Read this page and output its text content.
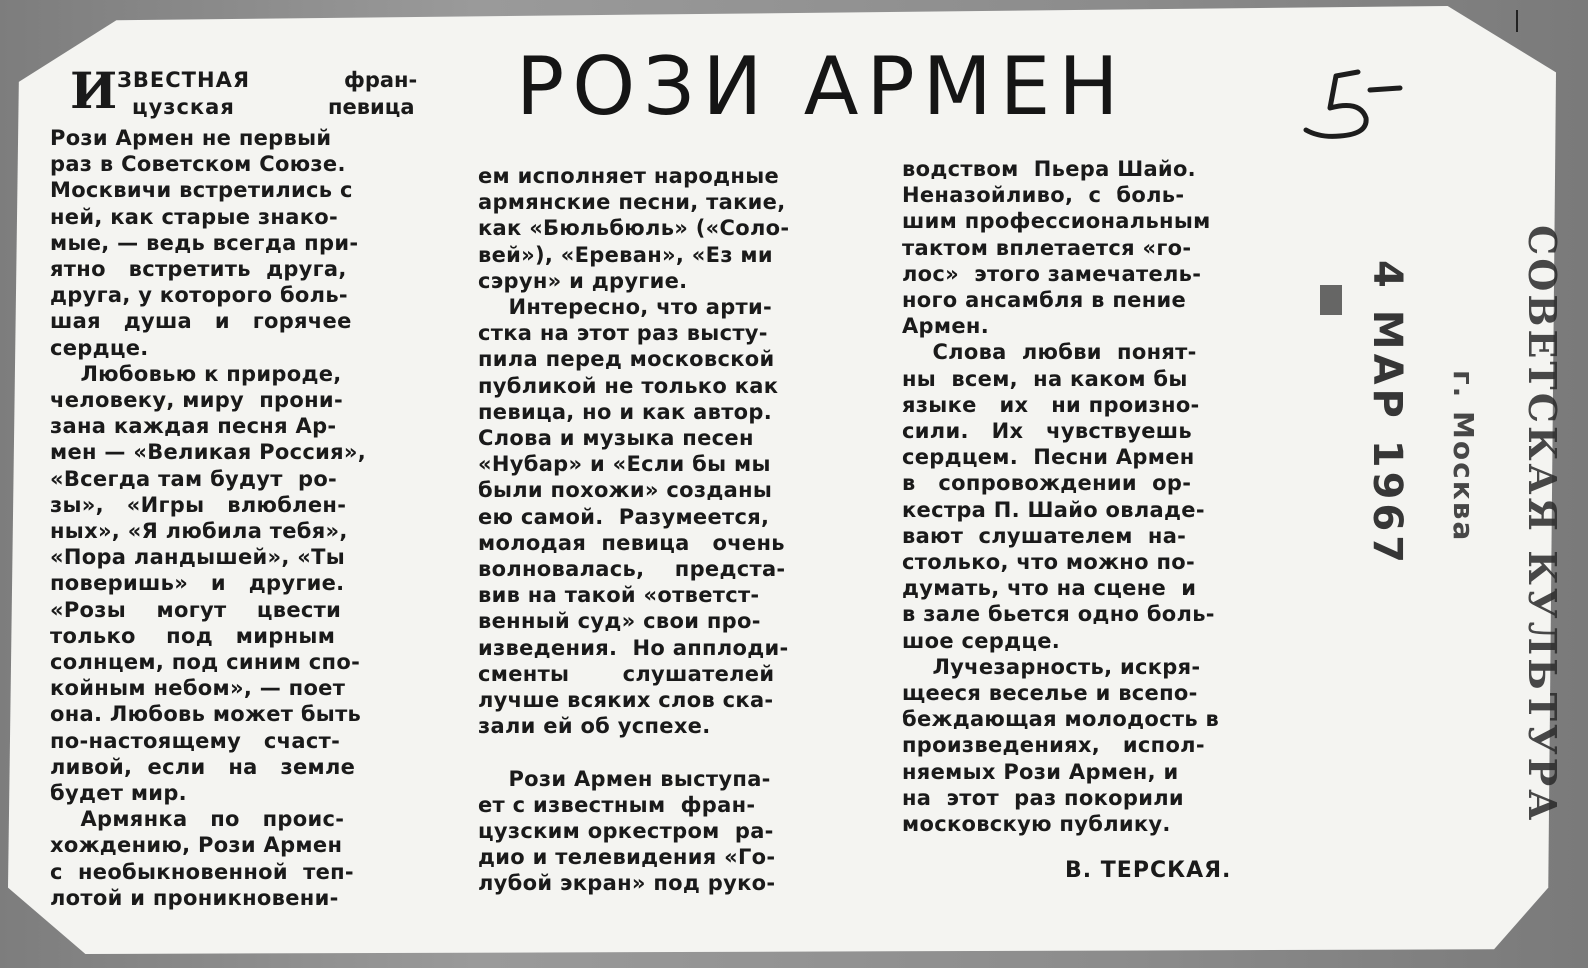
РОЗИ АРМЕН
И ЗВЕСТНАЯ	фран-
цузская	певица
Рози Армен не первый
раз в Советском Союзе.
Москвичи встретились с
ней, как старые знако-
мые, — ведь всегда при-
ятно   встретить  друга,
друга, у которого боль-
шая   душа   и   горячее
сердце.
Любовью к природе,
человеку, миру  прони-
зана каждая песня Ар-
мен — «Великая Россия»,
«Всегда там будут  ро-
зы»,   «Игры   влюблен-
ных», «Я любила тебя»,
«Пора ландышей», «Ты
поверишь»   и   другие.
«Розы    могут    цвести
только    под   мирным
солнцем, под синим спо-
койным небом», — поет
она. Любовь может быть
по-настоящему   счаст-
ливой,  если   на   земле
будет мир.
Армянка   по   проис-
хождению, Рози Армен
с  необыкновенной  теп-
лотой и проникновени-
ем исполняет народные
армянские песни, такие,
как «Бюльбюль» («Соло-
вей»), «Ереван», «Ез ми
сэрун» и другие.
Интересно, что арти-
стка на этот раз высту-
пила перед московской
публикой не только как
певица, но и как автор.
Слова и музыка песен
«Нубар» и «Если бы мы
были похожи» созданы
ею самой.  Разумеется,
молодая  певица   очень
волновалась,    предста-
вив на такой «ответст-
венный суд» свои про-
изведения.  Но апплоди-
сменты       слушателей
лучше всяких слов ска-
зали ей об успехе.

Рози Армен выступа-
ет с известным  фран-
цузским оркестром  ра-
дио и телевидения «Го-
лубой экран» под руко-
водством  Пьера Шайо.
Неназойливо,  с  боль-
шим профессиональным
тактом вплетается «го-
лос»  этого замечатель-
ного ансамбля в пение
Армен.
Слова  любви  понят-
ны  всем,  на каком бы
языке   их   ни произно-
сили.   Их   чувствуешь
сердцем.  Песни Армен
в   сопровождении  ор-
кестра П. Шайо овладе-
вают  слушателем  на-
столько, что можно по-
думать, что на сцене  и
в зале бьется одно боль-
шое сердце.
Лучезарность, искря-
щееся веселье и всепо-
беждающая молодость в
произведениях,   испол-
няемых Рози Армен, и
на  этот  раз покорили
московскую публику.
В. ТЕРСКАЯ.
4 МАР 1967 г. Москва СОВЕТСКАЯ КУЛЬТУРА
